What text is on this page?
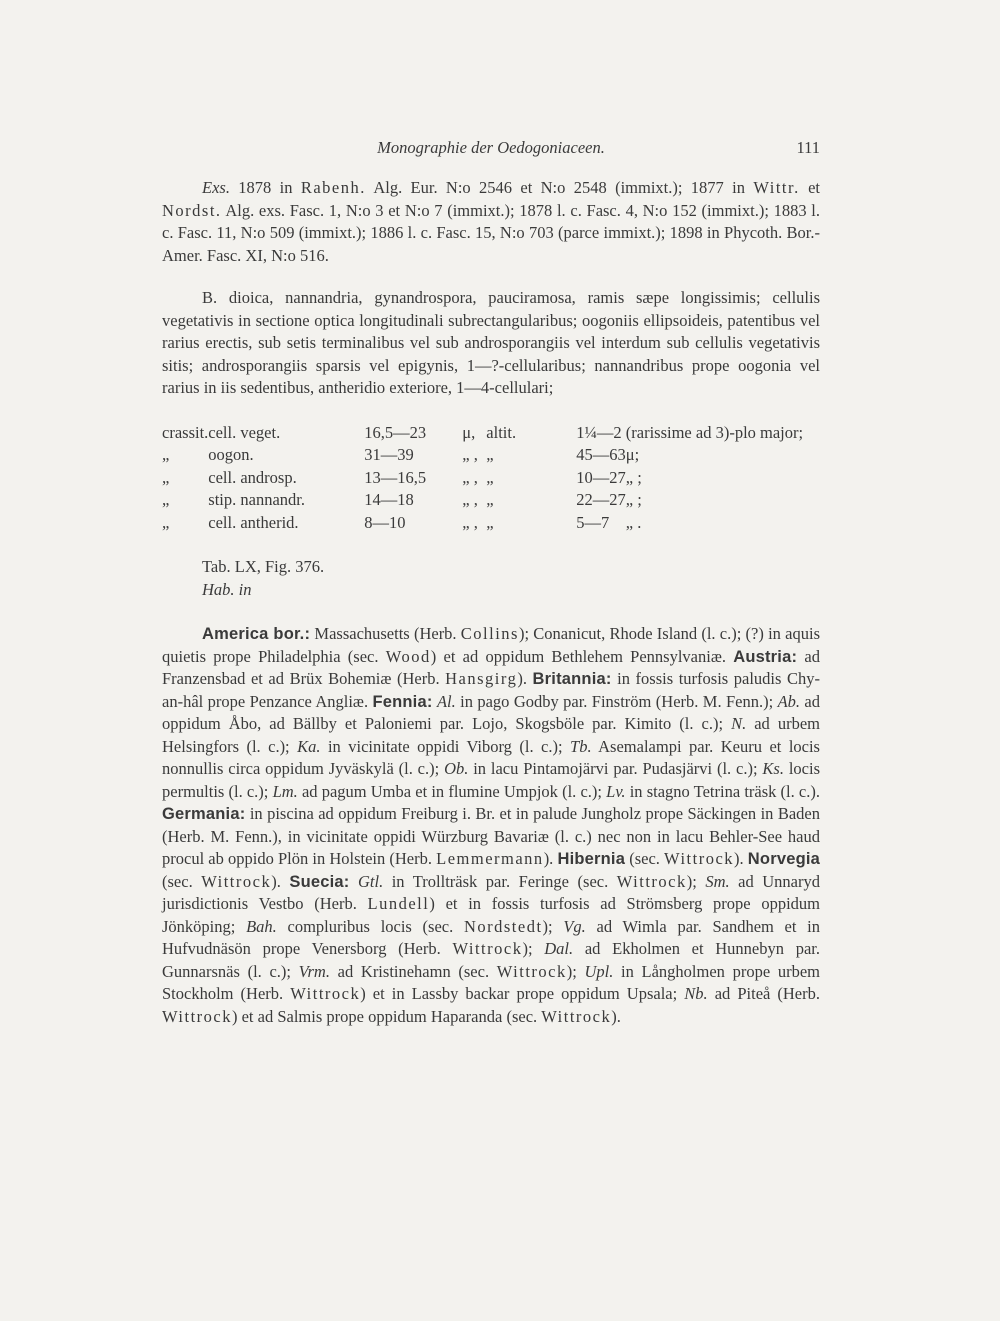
Monographie der Oedogoniaceen.	111

Exs. 1878 in Rabenh. Alg. Eur. N:o 2546 et N:o 2548 (immixt.); 1877 in Wittr. et Nordst. Alg. exs. Fasc. 1, N:o 3 et N:o 7 (immixt.); 1878 l. c. Fasc. 4, N:o 152 (immixt.); 1883 l. c. Fasc. 11, N:o 509 (immixt.); 1886 l. c. Fasc. 15, N:o 703 (parce immixt.); 1898 in Phycoth. Bor.-Amer. Fasc. XI, N:o 516.

B. dioica, nannandria, gynandrospora, pauciramosa, ramis sæpe longissimis; cellulis vegetativis in sectione optica longitudinali subrectangularibus; oogoniis ellipsoideis, patentibus vel rarius erectis, sub setis terminalibus vel sub androsporangiis vel interdum sub cellulis vegetativis sitis; androsporangiis sparsis vel epigynis, 1—?-cellularibus; nannandribus prope oogonia vel rarius in iis sedentibus, antheridio exteriore, 1—4-cellulari;

crassit.	cell. veget.	16,5—23	μ,	altit.	1¼—2	(rarissime ad 3)-plo major;
„	oogon.	31—39	„ ,	„	45—63	μ;
„	cell. androsp.	13—16,5	„ ,	„	10—27	„ ;
„	stip. nannandr.	14—18	„ ,	„	22—27	„ ;
„	cell. antherid.	8—10	„ ,	„	5—7	„ .

Tab. LX, Fig. 376.

Hab. in

America bor.: Massachusetts (Herb. Collins); Conanicut, Rhode Island (l. c.); (?) in aquis quietis prope Philadelphia (sec. Wood) et ad oppidum Bethlehem Pennsylvaniæ. Austria: ad Franzensbad et ad Brüx Bohemiæ (Herb. Hansgirg). Britannia: in fossis turfosis paludis Chy-an-hâl prope Penzance Angliæ. Fennia: Al. in pago Godby par. Finström (Herb. M. Fenn.); Ab. ad oppidum Åbo, ad Bällby et Paloniemi par. Lojo, Skogsböle par. Kimito (l. c.); N. ad urbem Helsingfors (l. c.); Ka. in vicinitate oppidi Viborg (l. c.); Tb. Asemalampi par. Keuru et locis nonnullis circa oppidum Jyväskylä (l. c.); Ob. in lacu Pintamojärvi par. Pudasjärvi (l. c.); Ks. locis permultis (l. c.); Lm. ad pagum Umba et in flumine Umpjok (l. c.); Lv. in stagno Tetrina träsk (l. c.). Germania: in piscina ad oppidum Freiburg i. Br. et in palude Jungholz prope Säckingen in Baden (Herb. M. Fenn.), in vicinitate oppidi Würzburg Bavariæ (l. c.) nec non in lacu Behler-See haud procul ab oppido Plön in Holstein (Herb. Lemmermann). Hibernia (sec. Wittrock). Norvegia (sec. Wittrock). Suecia: Gtl. in Trollträsk par. Feringe (sec. Wittrock); Sm. ad Unnaryd jurisdictionis Vestbo (Herb. Lundell) et in fossis turfosis ad Strömsberg prope oppidum Jönköping; Bah. compluribus locis (sec. Nordstedt); Vg. ad Wimla par. Sandhem et in Hufvudnäsön prope Venersborg (Herb. Wittrock); Dal. ad Ekholmen et Hunnebyn par. Gunnarsnäs (l. c.); Vrm. ad Kristinehamn (sec. Wittrock); Upl. in Långholmen prope urbem Stockholm (Herb. Wittrock) et in Lassby backar prope oppidum Upsala; Nb. ad Piteå (Herb. Wittrock) et ad Salmis prope oppidum Haparanda (sec. Wittrock).
